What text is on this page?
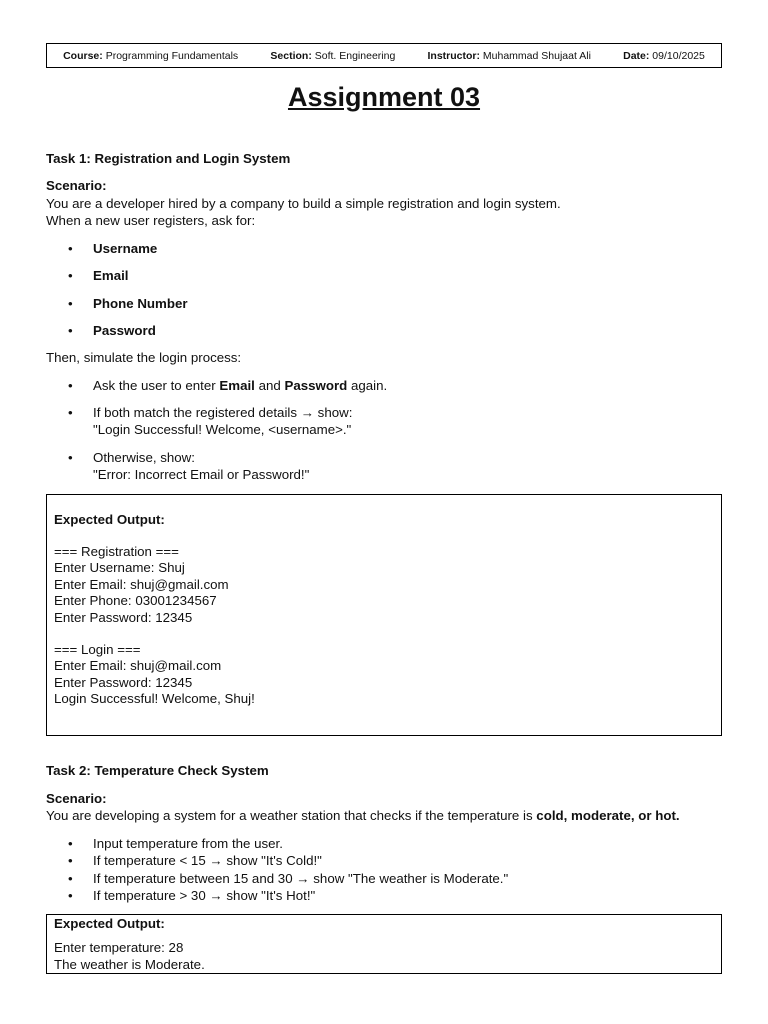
Course: Programming Fundamentals	Section: Soft. Engineering	Instructor: Muhammad Shujaat Ali	Date: 09/10/2025
Assignment 03
Task 1: Registration and Login System
Scenario:
You are a developer hired by a company to build a simple registration and login system.
When a new user registers, ask for:
• Username
• Email
• Phone Number
• Password
Then, simulate the login process:
• Ask the user to enter Email and Password again.
• If both match the registered details → show:
"Login Successful! Welcome, <username>."
• Otherwise, show:
"Error: Incorrect Email or Password!"
Expected Output:
=== Registration ===
Enter Username: Shuj
Enter Email: shuj@gmail.com
Enter Phone: 03001234567
Enter Password: 12345
=== Login ===
Enter Email: shuj@mail.com
Enter Password: 12345
Login Successful! Welcome, Shuj!
Task 2: Temperature Check System
Scenario:
You are developing a system for a weather station that checks if the temperature is cold, moderate, or hot.
• Input temperature from the user.
• If temperature < 15 → show "It's Cold!"
• If temperature between 15 and 30 → show "The weather is Moderate."
• If temperature > 30 → show "It's Hot!"
Expected Output:
Enter temperature: 28
The weather is Moderate.
